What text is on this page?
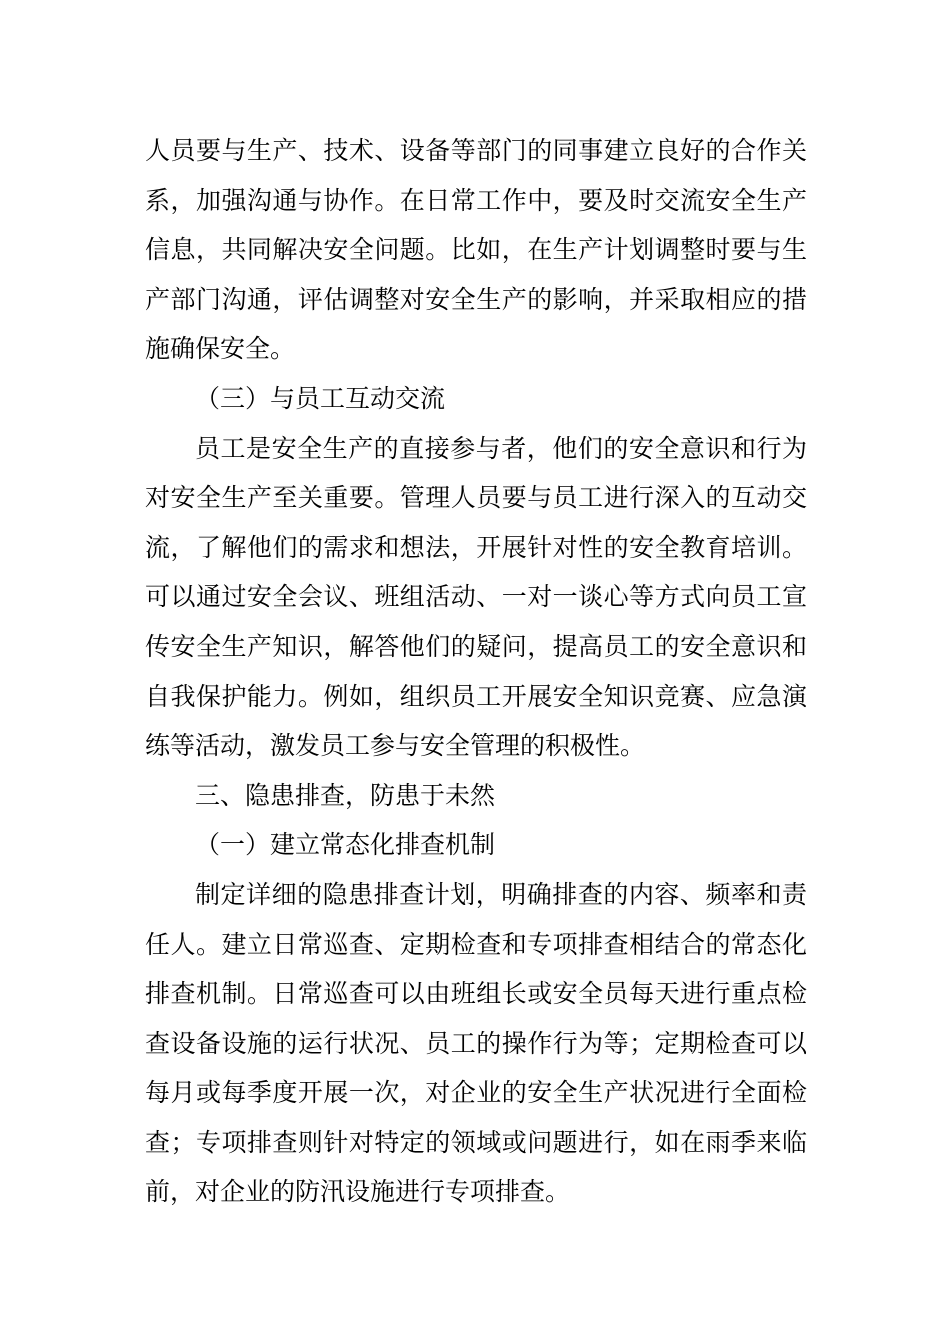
人员要与生产、技术、设备等部门的同事建立良好的合作关系，加强沟通与协作。在日常工作中，要及时交流安全生产信息，共同解决安全问题。比如，在生产计划调整时要与生产部门沟通，评估调整对安全生产的影响，并采取相应的措施确保安全。

（三）与员工互动交流

员工是安全生产的直接参与者，他们的安全意识和行为对安全生产至关重要。管理人员要与员工进行深入的互动交流，了解他们的需求和想法，开展针对性的安全教育培训。可以通过安全会议、班组活动、一对一谈心等方式向员工宣传安全生产知识，解答他们的疑问，提高员工的安全意识和自我保护能力。例如，组织员工开展安全知识竞赛、应急演练等活动，激发员工参与安全管理的积极性。

三、隐患排查，防患于未然

（一）建立常态化排查机制

制定详细的隐患排查计划，明确排查的内容、频率和责任人。建立日常巡查、定期检查和专项排查相结合的常态化排查机制。日常巡查可以由班组长或安全员每天进行重点检查设备设施的运行状况、员工的操作行为等；定期检查可以每月或每季度开展一次，对企业的安全生产状况进行全面检查；专项排查则针对特定的领域或问题进行，如在雨季来临前，对企业的防汛设施进行专项排查。
